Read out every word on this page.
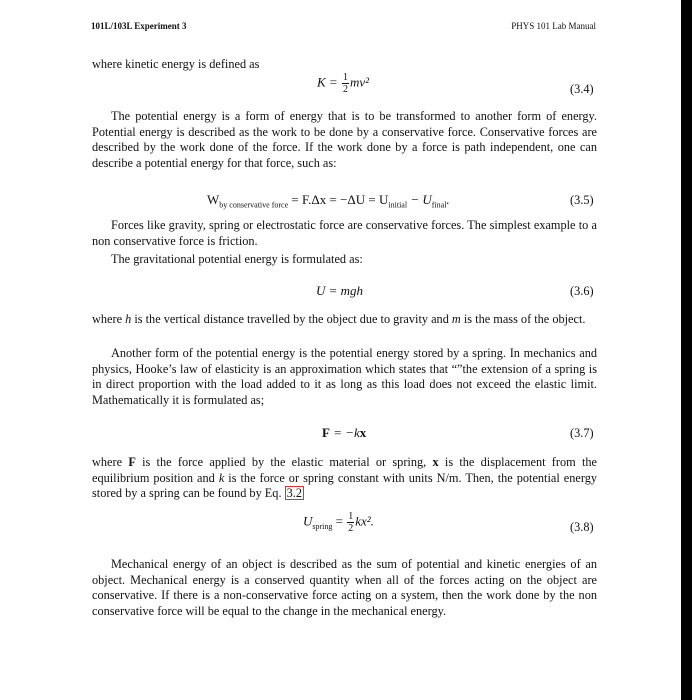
101L/103L Experiment 3	PHYS 101 Lab Manual
where kinetic energy is defined as
$K = \frac{1}{2} mv^2$	(3.4)
The potential energy is a form of energy that is to be transformed to another form of energy. Potential energy is described as the work to be done by a conservative force. Conservative forces are described by the work done of the force. If the work done by a force is path independent, one can describe a potential energy for that force, such as:
$W_{by conservative force} = F.\Delta x = -\Delta U = U_{initial} - U_{final}$.	(3.5)
Forces like gravity, spring or electrostatic force are conservative forces. The simplest example to a non conservative force is friction.
The gravitational potential energy is formulated as:
U = mgh	(3.6)
where h is the vertical distance travelled by the object due to gravity and m is the mass of the object.
Another form of the potential energy is the potential energy stored by a spring. In mechanics and physics, Hooke’s law of elasticity is an approximation which states that “”the extension of a spring is in direct proportion with the load added to it as long as this load does not exceed the elastic limit. Mathematically it is formulated as;
F = −kx	(3.7)
where F is the force applied by the elastic material or spring, x is the displacement from the equilibrium position and k is the force or spring constant with units N/m. Then, the potential energy stored by a spring can be found by Eq. 3.2
$U_{spring} = \frac{1}{2} kx^2$.	(3.8)
Mechanical energy of an object is described as the sum of potential and kinetic energies of an object. Mechanical energy is a conserved quantity when all of the forces acting on the object are conservative. If there is a non-conservative force acting on a system, then the work done by the non conservative force will be equal to the change in the mechanical energy.
